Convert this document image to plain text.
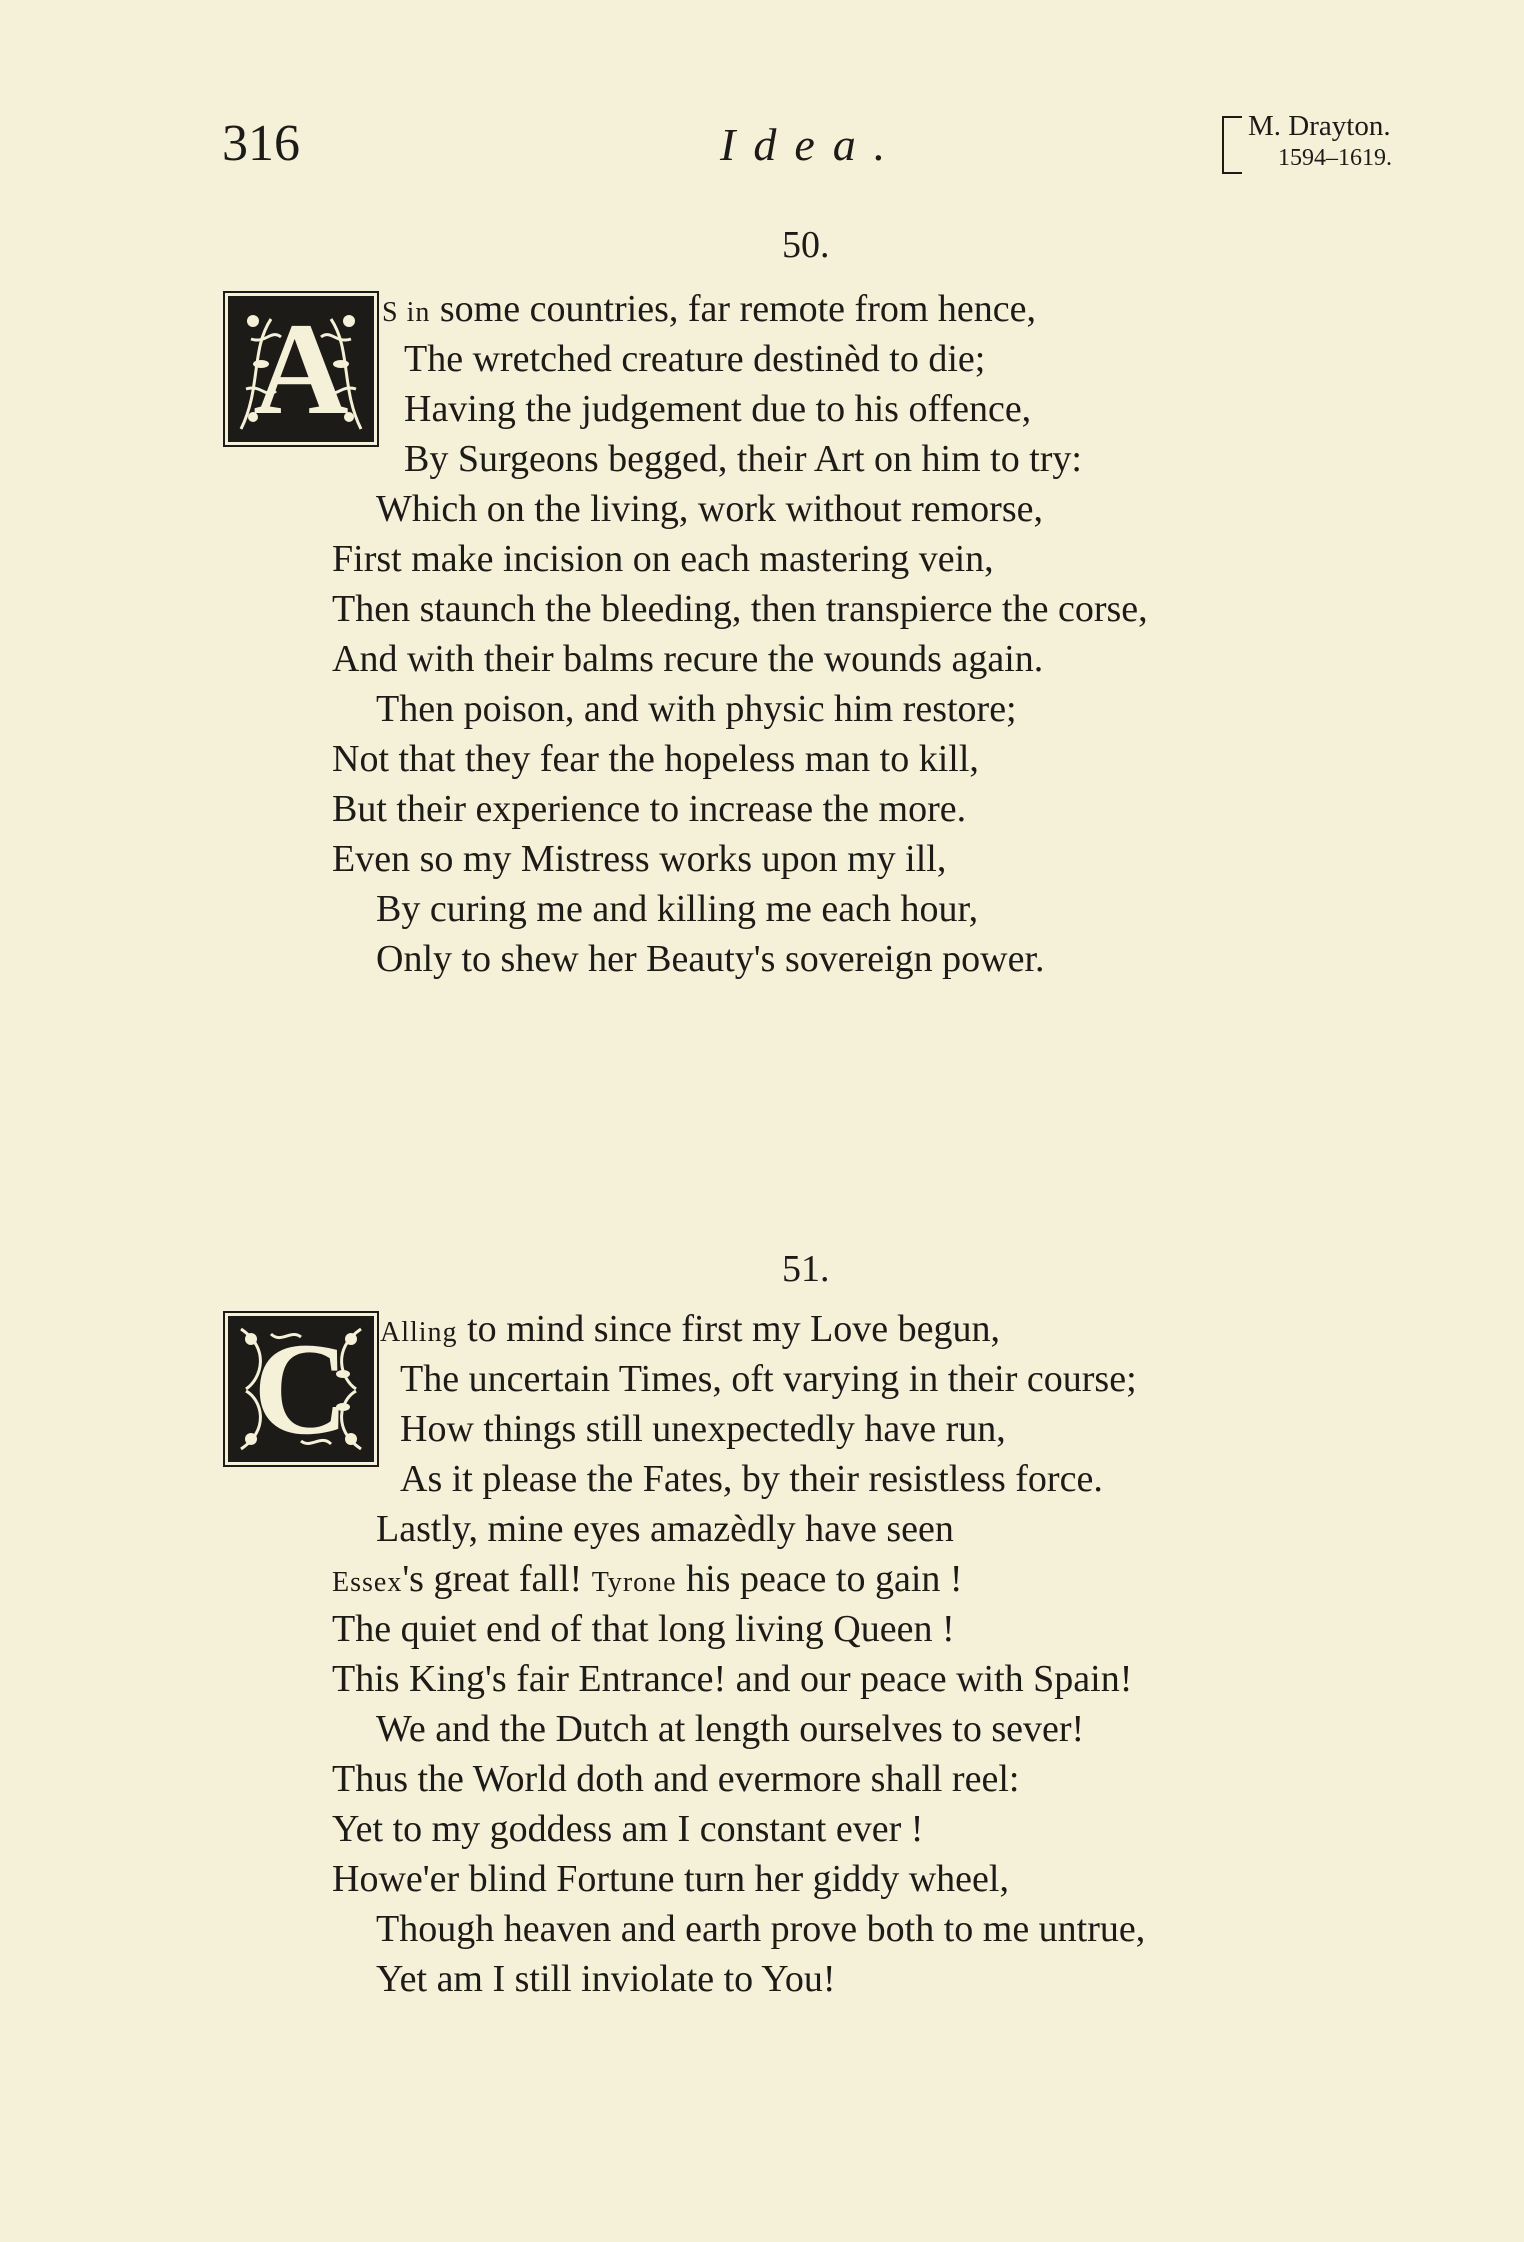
316	Idea.	M. Drayton.
1594–1619.
50.
A	S in some countries, far remote from hence,
The wretched creature destinèd to die;
Having the judgement due to his offence,
By Surgeons begged, their Art on him to try:
Which on the living, work without remorse,
First make incision on each mastering vein,
Then staunch the bleeding, then transpierce the corse,
And with their balms recure the wounds again.
Then poison, and with physic him restore;
Not that they fear the hopeless man to kill,
But their experience to increase the more.
Even so my Mistress works upon my ill,
By curing me and killing me each hour,
Only to shew her Beauty's sovereign power.
51.
C	Alling to mind since first my Love begun,
The uncertain Times, oft varying in their course;
How things still unexpectedly have run,
As it please the Fates, by their resistless force.
Lastly, mine eyes amazèdly have seen
Essex's great fall! Tyrone his peace to gain !
The quiet end of that long living Queen !
This King's fair Entrance! and our peace with Spain!
We and the Dutch at length ourselves to sever!
Thus the World doth and evermore shall reel:
Yet to my goddess am I constant ever !
Howe'er blind Fortune turn her giddy wheel,
Though heaven and earth prove both to me untrue,
Yet am I still inviolate to You!
